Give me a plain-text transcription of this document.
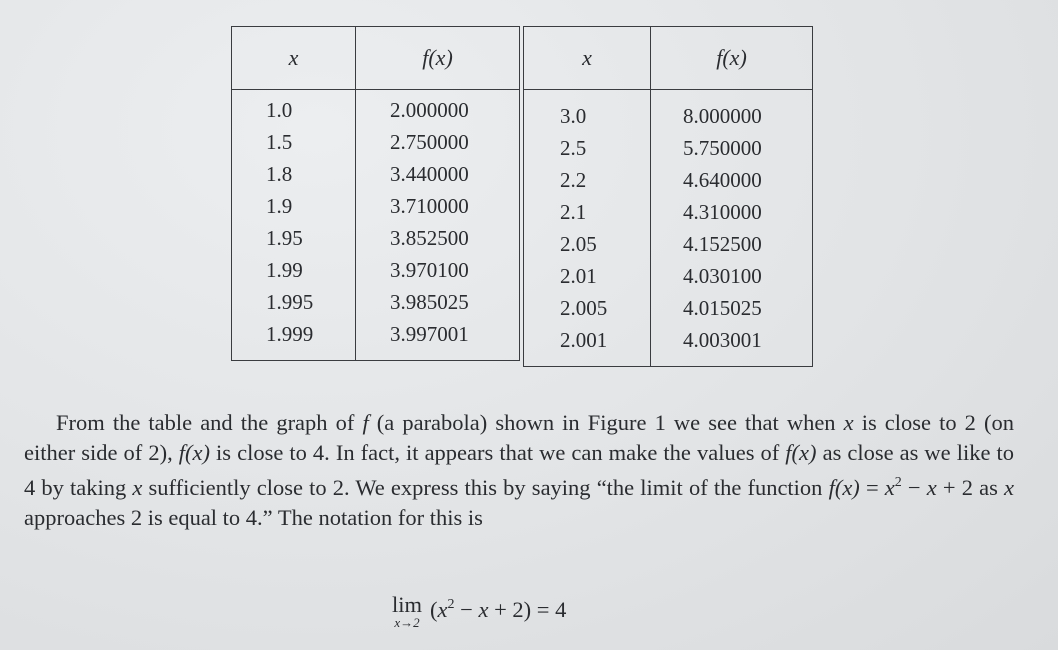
x	f(x)
1.0	2.000000
1.5	2.750000
1.8	3.440000
1.9	3.710000
1.95	3.852500
1.99	3.970100
1.995	3.985025
1.999	3.997001
x	f(x)
3.0	8.000000
2.5	5.750000
2.2	4.640000
2.1	4.310000
2.05	4.152500
2.01	4.030100
2.005	4.015025
2.001	4.003001

From the table and the graph of f (a parabola) shown in Figure 1 we see that when x is close to 2 (on either side of 2), f(x) is close to 4. In fact, it appears that we can make the values of f(x) as close as we like to 4 by taking x sufficiently close to 2. We express this by saying “the limit of the function $f(x) = x^2 - x + 2$ as x approaches 2 is equal to 4.” The notation for this is

lim
x→2
$(x^2 - x + 2) = 4$
